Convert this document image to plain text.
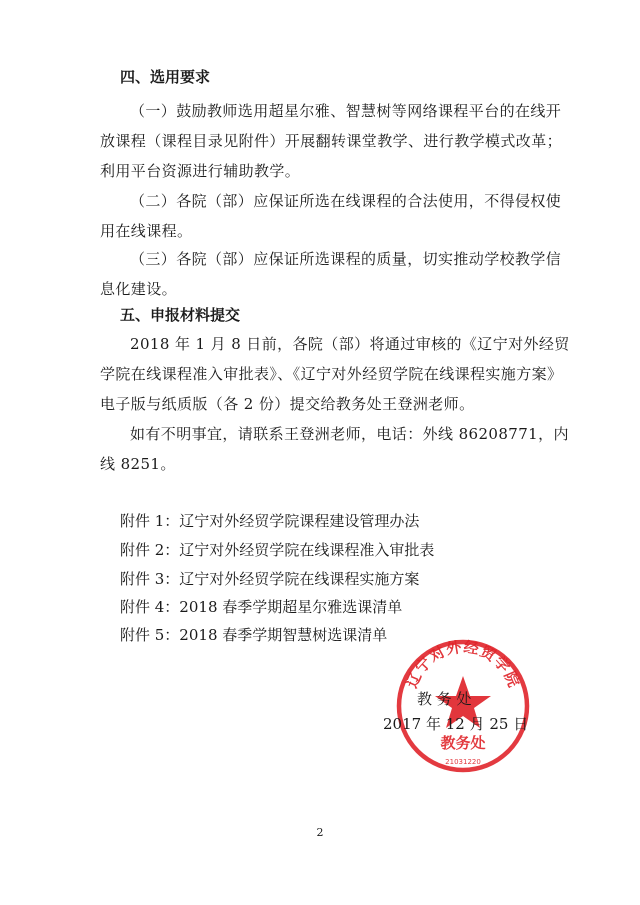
四、选用要求
（一）鼓励教师选用超星尔雅、智慧树等网络课程平台的在线开
放课程（课程目录见附件）开展翻转课堂教学、进行教学模式改革；
利用平台资源进行辅助教学。
（二）各院（部）应保证所选在线课程的合法使用，不得侵权使
用在线课程。
（三）各院（部）应保证所选课程的质量，切实推动学校教学信
息化建设。
五、申报材料提交
2018 年 1 月 8 日前，各院（部）将通过审核的《辽宁对外经贸
学院在线课程准入审批表》、《辽宁对外经贸学院在线课程实施方案》
电子版与纸质版（各 2 份）提交给教务处王登洲老师。
如有不明事宜，请联系王登洲老师，电话：外线 86208771，内
线 8251。
附件 1：辽宁对外经贸学院课程建设管理办法
附件 2：辽宁对外经贸学院在线课程准入审批表
附件 3：辽宁对外经贸学院在线课程实施方案
附件 4：2018 春季学期超星尔雅选课清单
附件 5：2018 春季学期智慧树选课清单
辽宁对外经贸学院
教务处
21031220
教 务 处
2017 年 12 月 25 日
2
